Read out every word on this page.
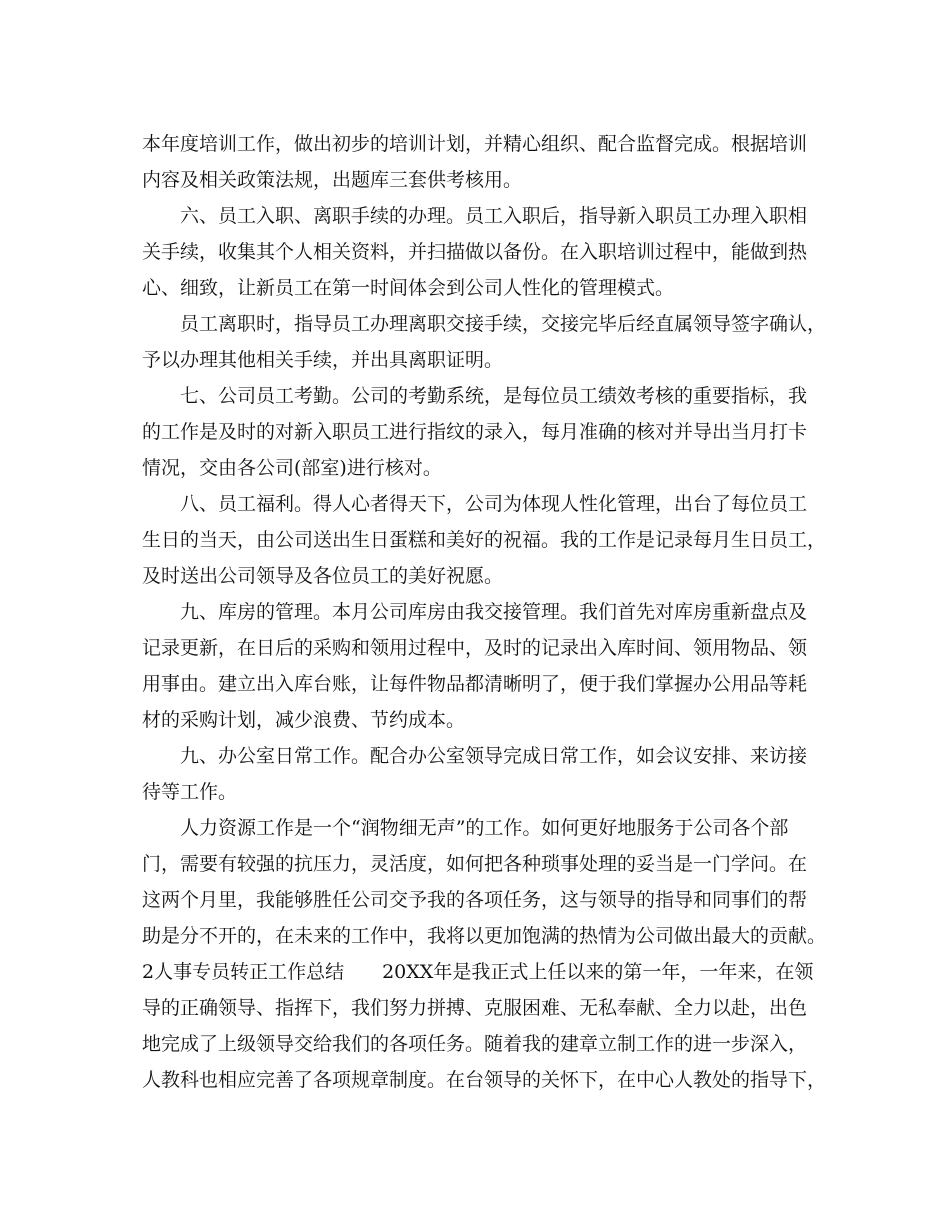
本年度培训工作，做出初步的培训计划，并精心组织、配合监督完成。根据培训
内容及相关政策法规，出题库三套供考核用。
六、员工入职、离职手续的办理。员工入职后，指导新入职员工办理入职相
关手续，收集其个人相关资料，并扫描做以备份。在入职培训过程中，能做到热
心、细致，让新员工在第一时间体会到公司人性化的管理模式。
员工离职时，指导员工办理离职交接手续，交接完毕后经直属领导签字确认，
予以办理其他相关手续，并出具离职证明。
七、公司员工考勤。公司的考勤系统，是每位员工绩效考核的重要指标，我
的工作是及时的对新入职员工进行指纹的录入，每月准确的核对并导出当月打卡
情况，交由各公司(部室)进行核对。
八、员工福利。得人心者得天下，公司为体现人性化管理，出台了每位员工
生日的当天，由公司送出生日蛋糕和美好的祝福。我的工作是记录每月生日员工，
及时送出公司领导及各位员工的美好祝愿。
九、库房的管理。本月公司库房由我交接管理。我们首先对库房重新盘点及
记录更新，在日后的采购和领用过程中，及时的记录出入库时间、领用物品、领
用事由。建立出入库台账，让每件物品都清晰明了，便于我们掌握办公用品等耗
材的采购计划，减少浪费、节约成本。
九、办公室日常工作。配合办公室领导完成日常工作，如会议安排、来访接
待等工作。
人力资源工作是一个“润物细无声”的工作。如何更好地服务于公司各个部
门，需要有较强的抗压力，灵活度，如何把各种琐事处理的妥当是一门学问。在
这两个月里，我能够胜任公司交予我的各项任务，这与领导的指导和同事们的帮
助是分不开的，在未来的工作中，我将以更加饱满的热情为公司做出最大的贡献。
2人事专员转正工作总结　　20XX年是我正式上任以来的第一年，一年来，在领
导的正确领导、指挥下，我们努力拼搏、克服困难、无私奉献、全力以赴，出色
地完成了上级领导交给我们的各项任务。随着我的建章立制工作的进一步深入，
人教科也相应完善了各项规章制度。在台领导的关怀下，在中心人教处的指导下，
